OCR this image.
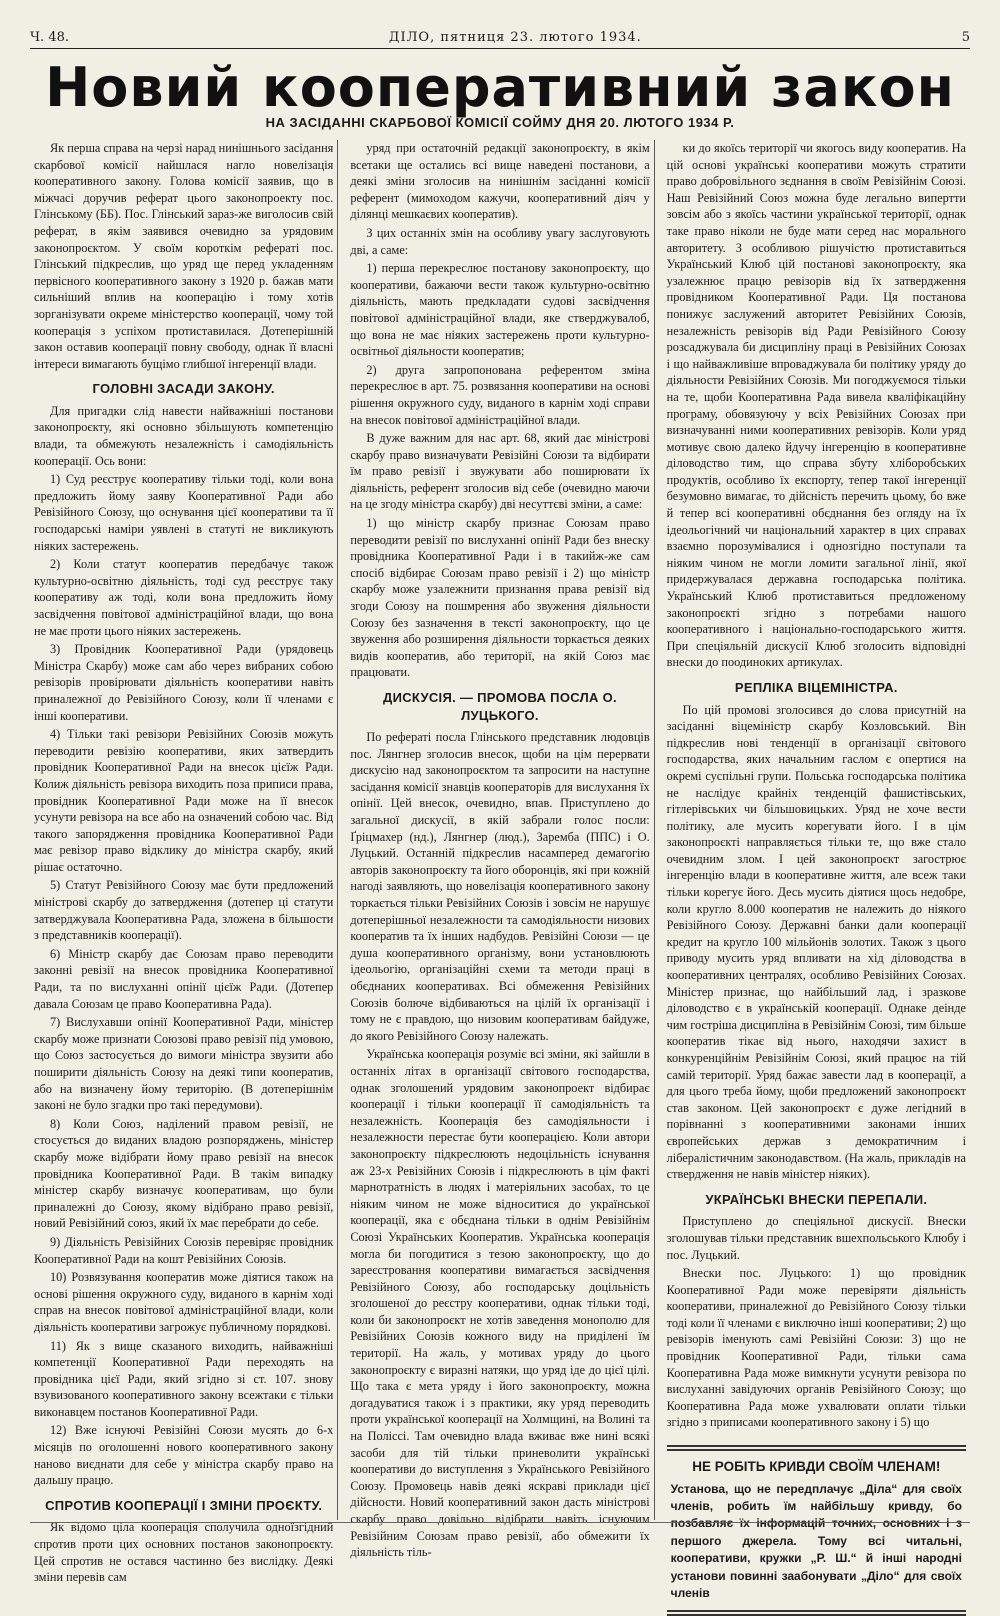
Ч. 48.	ДІЛО, пятниця 23. лютого 1934.	5
Новий кооперативний закон
НА ЗАСІДАННІ СКАРБОВОЇ КОМІСІЇ СОЙМУ ДНЯ 20. ЛЮТОГО 1934 Р.

Як перша справа на черзі нарад нинішнього засідання скарбової комісії найшлася нагло новелізація кооперативного закону. Голова комісії заявив, що в міжчасі доручив реферат цього законопроекту пос. Глінському (ББ). Пос. Глінський зараз-же виголосив свій реферат, в якім заявився очевидно за урядовим законопроєктом. У своїм короткім рефераті пос. Глінський підкреслив, що уряд ще перед укладенням первісного кооперативного закону з 1920 р. бажав мати сильніший вплив на кооперацію і тому хотів зорганізувати окреме міністерство кооперації, чому той кооперація з успіхом протиставилася. Дотеперішній закон оставив кооперації повну свободу, однак її власні інтереси вимагають бущімо глибшої інгеренції влади.

ГОЛОВНІ ЗАСАДИ ЗАКОНУ.

Для пригадки слід навести найважніші постанови законопроєкту, які основно збільшують компетенцію влади, та обмежують незалежність і самодіяльність кооперації. Ось вони:

1) Суд реєструє кооперативу тільки тоді, коли вона предложить йому заяву Кооперативної Ради або Ревізійного Союзу, що оснування цієї кооперативи та її господарські наміри уявлені в статуті не викликують ніяких застережень.

2) Коли статут кооператив передбачує також культурно-освітню діяльність, тоді суд реєструє таку кооперативу аж тоді, коли вона предложить йому засвідчення повітової адміністраційної влади, що вона не має проти цього ніяких застережень.

3) Провідник Кооперативної Ради (урядовець Міністра Скарбу) може сам або через вибраних собою ревізорів провірювати діяльність кооперативи навіть приналежної до Ревізійного Союзу, коли її членами є інші кооперативи.

4) Тільки такі ревізори Ревізійних Союзів можуть переводити ревізію кооперативи, яких затвердить провідник Кооперативної Ради на внесок цієїж Ради. Колиж діяльність ревізора виходить поза приписи права, провідник Кооперативної Ради може на її внесок усунути ревізора на все або на означений собою час. Від такого запорядження провідника Кооперативної Ради має ревізор право відклику до міністра скарбу, який рішає остаточно.

5) Статут Ревізійного Союзу має бути предложений міністрові скарбу до затвердження (дотепер ці статути затверджувала Кооперативна Рада, зложена в більшости з представників кооперації).

6) Міністр скарбу дає Союзам право переводити законні ревізії на внесок провідника Кооперативної Ради, та по вислуханні опінії цієїж Ради. (Дотепер давала Союзам це право Кооперативна Рада).

7) Вислухавши опінії Кооперативної Ради, міністер скарбу може признати Союзові право ревізії під умовою, що Союз застосується до вимоги міністра звузити або поширити діяльність Союзу на деякі типи кооператив, або на визначену йому територію. (В дотеперішнім законі не було згадки про такі передумови).

8) Коли Союз, наділений правом ревізії, не стосується до виданих владою розпоряджень, міністер скарбу може відібрати йому право ревізії на внесок провідника Кооперативної Ради. В такім випадку міністер скарбу визначує кооперативам, що були приналежні до Союзу, якому відібрано право ревізії, новий Ревізійний союз, який їх має перебрати до себе.

9) Діяльність Ревізійних Союзів перевіряє провідник Кооперативної Ради на кошт Ревізійних Союзів.

10) Розвязування кооператив може діятися також на основі рішення окружного суду, виданого в карнім ході справ на внесок повітової адміністраційної влади, коли діяльність кооперативи загрожує публичному порядкові.

11) Як з вище сказаного виходить, найважніші компетенції Кооперативної Ради переходять на провідника цієї Ради, який згідно зі ст. 107. знову взувизованого кооперативного закону всежтаки є тільки виконавцем постанов Кооперативної Ради.

12) Вже існуючі Ревізійні Союзи мусять до 6-х місяців по оголошенні нового кооперативного закону наново виєднати для себе у міністра скарбу право на дальшу працю.

СПРОТИВ КООПЕРАЦІЇ І ЗМІНИ ПРОЄКТУ.

Як відомо ціла кооперація сполучила одноїзгідний спротив проти цих основних постанов законопроєкту. Цей спротив не остався частинно без вислідку. Деякі зміни перевів сам

уряд при остаточній редакції законопроєкту, в якім всетаки ще остались всі вище наведені постанови, а деякі зміни зголосив на нинішнім засіданні комісії референт (мимоходом кажучи, кооперативний діяч у ділянці мешкаєвих кооператив).

З цих останніх змін на особливу увагу заслуговують дві, а саме:

1) перша перекреслює постанову законопроєкту, що кооперативи, бажаючи вести також культурно-освітню діяльність, мають предкладати судові засвідчення повітової адміністраційної влади, яке стверджувалоб, що вона не має ніяких застережень проти культурно-освітньої діяльности кооператив;

2) друга запропонована референтом зміна перекреслює в арт. 75. розвязання кооперативи на основі рішення окружного суду, виданого в карнім ході справи на внесок повітової адміністраційної влади.

В дуже важним для нас арт. 68, який дає міністрові скарбу право визначувати Ревізійні Союзи та відбирати їм право ревізії і звужувати або поширювати їх діяльність, референт зголосив від себе (очевидно маючи на це згоду міністра скарбу) дві несуттєві зміни, а саме:

1) що міністр скарбу признає Союзам право переводити ревізії по вислуханні опінії Ради без внеску провідника Кооперативної Ради і в такийж-же сам спосіб відбирає Союзам право ревізії і 2) що міністр скарбу може узалежнити признання права ревізії від згоди Союзу на пошмрення або звуження діяльности Союзу без зазначення в тексті законопроєкту, що це звуження або розширення діяльности торкається деяких видів кооператив, або території, на якій Союз має працювати.

ДИСКУСІЯ. — ПРОМОВА ПОСЛА О. ЛУЦЬКОГО.

По рефераті посла Глінського представник людовців пос. Лянгнер зголосив внесок, щоби на цім перервати дискусію над законопроєктом та запросити на наступне засідання комісії знавців кооператорів для вислухання їх опінії. Цей внесок, очевидно, впав. Приступлено до загальної дискусії, в якій забрали голос посли: Ґріцмахер (нд.), Лянгнер (люд.), Заремба (ППС) і О. Луцький. Останній підкреслив насамперед демагогію авторів законопроєкту та його оборонців, які при кожній нагоді заявляють, що новелізація кооперативного закону торкається тільки Ревізійних Союзів і зовсім не нарушує дотеперішньої незалежности та самодіяльности низових кооператив та їх інших надбудов. Ревізійні Союзи — це душа кооперативного організму, вони установлюють ідеольогію, організаційні схеми та методи праці в обєднаних кооперативах. Всі обмеження Ревізійних Союзів болюче відбиваються на цілій їх організації і тому не є правдою, що низовим кооперативам байдуже, до якого Ревізійного Союзу належать.

Українська кооперація розуміє всі зміни, які зайшли в останніх літах в організації світового господарства, однак зголошений урядовим законопроект відбирає кооперації і тільки кооперації її самодіяльність та незалежність. Кооперація без самодіяльности і незалежности перестає бути кооперацією. Коли автори законопроєкту підкреслюють недоцільність існування аж 23-х Ревізійних Союзів і підкреслюють в цім факті марнотратність в людях і матеріяльних засобах, то це ніяким чином не може відноситися до української кооперації, яка є обєднана тільки в однім Ревізійнім Союзі Українських Кооператив. Українська кооперація могла би погодитися з тезою законопроєкту, що до зареєстровання кооперативи вимагається засвідчення Ревізійного Союзу, або господарську доцільність зголошеної до реєстру кооперативи, однак тільки тоді, коли би законопроєкт не хотів заведення монополю для Ревізійних Союзів кожного виду на приділені їм території. На жаль, у мотивах уряду до цього законопроєкту є виразні натяки, що уряд іде до цієї цілі. Що така є мета уряду і його законопроєкту, можна догадуватися також і з практики, яку уряд переводить проти української кооперації на Холмщині, на Волині та на Поліссі. Там очевидно влада вживає вже нині всякі засоби для тій тільки приневолити українські кооперативи до виступлення з Українського Ревізійного Союзу. Промовець навів деякі яскраві приклади цієї дійсности. Новий кооперативний закон дасть міністрові скарбу право довільно відібрати навіть існуючим Ревізійним Союзам право ревізії, або обмежити їх діяльність тіль-

ки до якоїсь території чи якогось виду кооператив. На цій основі українські кооперативи можуть стратити право добровільного зєднання в своїм Ревізійнім Союзі. Наш Ревізійний Союз можна буде легально випертти зовсім або з якоїсь частини української території, однак таке право ніколи не буде мати серед нас морального авторитету. З особливою рішучістю протиставиться Український Клюб цій постанові законопроєкту, яка узалежнює працю ревізорів від їх затвердження провідником Кооперативної Ради. Ця постанова понижує заслужений авторитет Ревізійних Союзів, незалежність ревізорів від Ради Ревізійного Союзу розсаджувала би дисципліну праці в Ревізійних Союзах і що найважливіше впроваджувала би політику уряду до діяльности Ревізійних Союзів. Ми погоджуємося тільки на те, щоби Кооперативна Рада вивела кваліфікаційну програму, обовязуючу у всіх Ревізійних Союзах при визначуванні ними кооперативних ревізорів. Коли уряд мотивує свою далеко йдучу інгеренцію в кооперативне діловодство тим, що справа збуту хліборобських продуктів, особливо їх експорту, тепер такої інгеренції безумовно вимагає, то дійсність перечить цьому, бо вже й тепер всі кооперативні обєднання без огляду на їх ідеольогічний чи національний характер в цих справах взаємно порозумівалися і однозгідно поступали та ніяким чином не могли ломити загальної лінії, якої придержувалася державна господарська політика. Український Клюб протиставиться предложеному законопроєкті згідно з потребами нашого кооперативного і національно-господарського життя. При спеціяльній дискусії Клюб зголосить відповідні внески до поодиноких артикулах.

РЕПЛІКА ВІЦЕМІНІСТРА.

По цій промові зголосився до слова присутній на засіданні віцеміністр скарбу Козловський. Він підкреслив нові тенденції в організації світового господарства, яких начальним гаслом є опертися на окремі суспільні групи. Польська господарська політика не наслідує крайніх тенденцій фашистівських, гітлерівських чи більшовицьких. Уряд не хоче вести політику, але мусить корегувати його. І в цім законопроєкті направляється тільки те, що вже стало очевидним злом. І цей законопроєкт загострює інгеренцію влади в кооперативне життя, але всеж таки тільки корегує його. Десь мусить діятися щось недобре, коли кругло 8.000 кооператив не належить до ніякого Ревізійного Союзу. Державні банки дали кооперації кредит на кругло 100 мільйонів золотих. Також з цього приводу мусить уряд впливати на хід діловодства в кооперативних централях, особливо Ревізійних Союзах. Міністер признає, що найбільший лад, і зразкове діловодство є в українській кооперації. Однаке деінде чим гострішa дисципліна в Ревізійнім Союзі, тим більше кооператив тікає від нього, находячи захист в конкуренційнім Ревізійнім Союзі, який працює на тій самій території. Уряд бажає завести лад в кооперації, а для цього треба йому, щоби предложений законопроєкт став законом. Цей законопроєкт є дуже легідний в порівнанні з кооперативними законами інших європейських держав з демократичним і лібералістичним законодавством. (На жаль, прикладів на ствердження не навів міністер ніяких).

УКРАЇНСЬКІ ВНЕСКИ ПЕРЕПАЛИ.

Приступлено до спеціяльної дискусії. Внески зголошував тільки представник вшехпольського Клюбу і пос. Луцький.

Внески пос. Луцького: 1) що провідник Кооперативної Ради може перевіряти діяльність кооперативи, приналежної до Ревізійного Союзу тільки тоді коли її членами є виключно інші кооперативи; 2) що ревізорів іменують самі Ревізійні Союзи: 3) що не провідник Кооперативної Ради, тільки сама Кооперативна Рада може вимкнути усунути ревізора по вислуханні завідуючих органів Ревізійного Союзу; що Кооперативна Рада може ухвалювати оплати тільки згідно з приписами кооперативного закону і 5) що

НЕ РОБІТЬ КРИВДИ СВОЇМ ЧЛЕНАМ!
Установа, що не передплачує „Діла“ для своїх членів, робить їм найбільшу кривду, бо позбавляє їх інформацій точних, основних і з першого джерела. Тому всі читальні, кооперативи, кружки „Р. Ш.“ й інші народні установи повинні заабонувати „Діло“ для своїх членів
